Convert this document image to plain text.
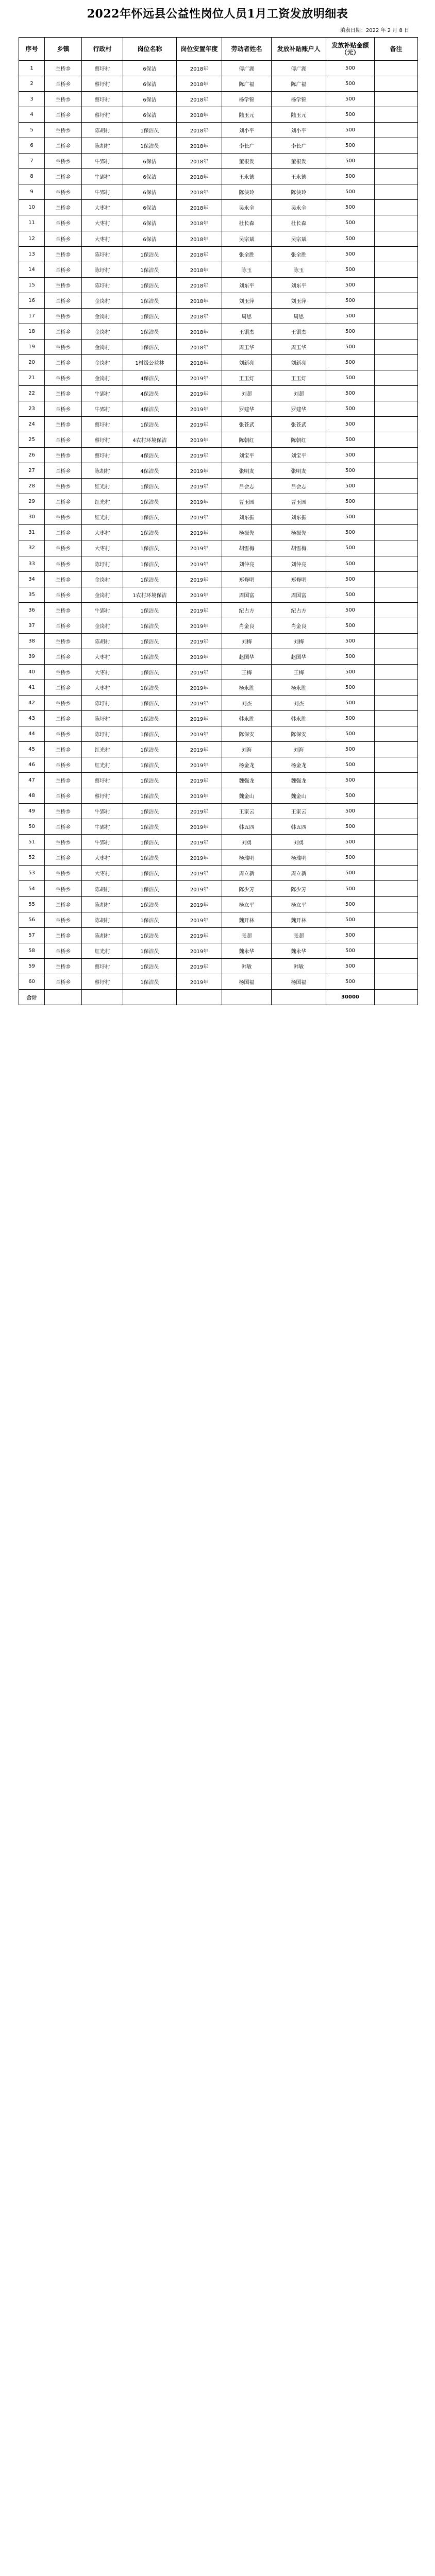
2022年怀远县公益性岗位人员1月工资发放明细表
填表日期：2022 年 2 月 8 日
序号	乡镇	行政村	岗位名称	岗位安置年度	劳动者姓名	发放补贴账户人	发放补贴金额（元）	备注
1	兰桥乡	蔡圩村	6保洁	2018年	傅广湖	傅广湖	500	
2	兰桥乡	蔡圩村	6保洁	2018年	陈广福	陈广福	500	
3	兰桥乡	蔡圩村	6保洁	2018年	杨学锦	杨学锦	500	
4	兰桥乡	蔡圩村	6保洁	2018年	陆玉元	陆玉元	500	
5	兰桥乡	陈胡村	1保洁员	2018年	刘小平	刘小平	500	
6	兰桥乡	陈胡村	1保洁员	2018年	李长广	李长广	500	
7	兰桥乡	牛郢村	6保洁	2018年	董根发	董根发	500	
8	兰桥乡	牛郢村	6保洁	2018年	王永德	王永德	500	
9	兰桥乡	牛郢村	6保洁	2018年	陈侠玲	陈侠玲	500	
10	兰桥乡	大枣村	6保洁	2018年	吴永全	吴永全	500	
11	兰桥乡	大枣村	6保洁	2018年	杜长森	杜长森	500	
12	兰桥乡	大枣村	6保洁	2018年	吴宗斌	吴宗斌	500	
13	兰桥乡	陈圩村	1保洁员	2018年	张全胜	张全胜	500	
14	兰桥乡	陈圩村	1保洁员	2018年	陈玉	陈玉	500	
15	兰桥乡	陈圩村	1保洁员	2018年	刘东平	刘东平	500	
16	兰桥乡	金岗村	1保洁员	2018年	刘玉萍	刘玉萍	500	
17	兰桥乡	金岗村	1保洁员	2018年	周思	周思	500	
18	兰桥乡	金岗村	1保洁员	2018年	王银杰	王银杰	500	
19	兰桥乡	金岗村	1保洁员	2018年	周玉华	周玉华	500	
20	兰桥乡	金岗村	1村级公益林	2018年	刘新亮	刘新亮	500	
21	兰桥乡	金岗村	4保洁员	2019年	王玉灯	王玉灯	500	
22	兰桥乡	牛郢村	4保洁员	2019年	刘超	刘超	500	
23	兰桥乡	牛郢村	4保洁员	2019年	罗建华	罗建华	500	
24	兰桥乡	蔡圩村	1保洁员	2019年	张苍武	张苍武	500	
25	兰桥乡	蔡圩村	4农村环境保洁	2019年	陈朝红	陈朝红	500	
26	兰桥乡	蔡圩村	4保洁员	2019年	刘宝平	刘宝平	500	
27	兰桥乡	陈胡村	4保洁员	2019年	张明友	张明友	500	
28	兰桥乡	红光村	1保洁员	2019年	吕会志	吕会志	500	
29	兰桥乡	红光村	1保洁员	2019年	曹玉园	曹玉园	500	
30	兰桥乡	红光村	1保洁员	2019年	刘东振	刘东振	500	
31	兰桥乡	大枣村	1保洁员	2019年	杨振先	杨振先	500	
32	兰桥乡	大枣村	1保洁员	2019年	胡雪梅	胡雪梅	500	
33	兰桥乡	陈圩村	1保洁员	2019年	刘仲亮	刘仲亮	500	
34	兰桥乡	金岗村	1保洁员	2019年	郑修明	郑修明	500	
35	兰桥乡	金岗村	1农村环境保洁	2019年	周国富	周国富	500	
36	兰桥乡	牛郢村	1保洁员	2019年	纪占方	纪占方	500	
37	兰桥乡	金岗村	1保洁员	2019年	肖金良	肖金良	500	
38	兰桥乡	陈胡村	1保洁员	2019年	刘梅	刘梅	500	
39	兰桥乡	大枣村	1保洁员	2019年	赵国华	赵国华	500	
40	兰桥乡	大枣村	1保洁员	2019年	王梅	王梅	500	
41	兰桥乡	大枣村	1保洁员	2019年	杨永胜	杨永胜	500	
42	兰桥乡	陈圩村	1保洁员	2019年	刘杰	刘杰	500	
43	兰桥乡	陈圩村	1保洁员	2019年	韩永胜	韩永胜	500	
44	兰桥乡	陈圩村	1保洁员	2019年	陈保安	陈保安	500	
45	兰桥乡	红光村	1保洁员	2019年	刘海	刘海	500	
46	兰桥乡	红光村	1保洁员	2019年	杨金龙	杨金龙	500	
47	兰桥乡	蔡圩村	1保洁员	2019年	魏强龙	魏强龙	500	
48	兰桥乡	蔡圩村	1保洁员	2019年	魏金山	魏金山	500	
49	兰桥乡	牛郢村	1保洁员	2019年	王家云	王家云	500	
50	兰桥乡	牛郢村	1保洁员	2019年	韩五四	韩五四	500	
51	兰桥乡	牛郢村	1保洁员	2019年	刘勇	刘勇	500	
52	兰桥乡	大枣村	1保洁员	2019年	杨瑞明	杨瑞明	500	
53	兰桥乡	大枣村	1保洁员	2019年	周立新	周立新	500	
54	兰桥乡	陈胡村	1保洁员	2019年	陈少芳	陈少芳	500	
55	兰桥乡	陈胡村	1保洁员	2019年	杨立平	杨立平	500	
56	兰桥乡	陈胡村	1保洁员	2019年	魏开林	魏开林	500	
57	兰桥乡	陈胡村	1保洁员	2019年	张超	张超	500	
58	兰桥乡	红光村	1保洁员	2019年	魏永华	魏永华	500	
59	兰桥乡	蔡圩村	1保洁员	2019年	韩敏	韩敏	500	
60	兰桥乡	蔡圩村	1保洁员	2019年	杨国福	杨国福	500	
合计							30000	
